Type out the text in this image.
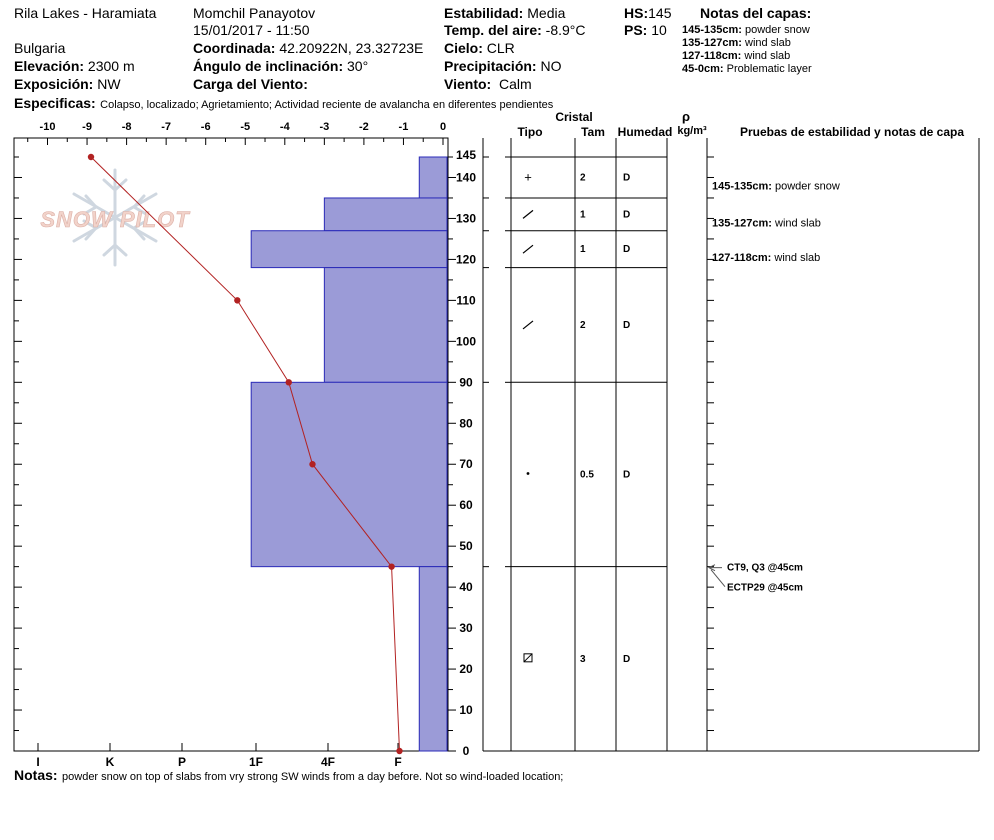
Rila Lakes - Haramiata
Bulgaria
Elevación: 2300 m
Exposición: NW
Momchil Panayotov
15/01/2017 - 11:50
Coordinada: 42.20922N, 23.32723E
Ángulo de inclinación: 30°
Carga del Viento:
Estabilidad: Media
Temp. del aire: -8.9°C
Cielo: CLR
Precipitación: NO
Viento: Calm
HS:145
PS: 10
Notas del capas:
145-135cm: powder snow
135-127cm: wind slab
127-118cm: wind slab
45-0cm: Problematic layer
Especificas: Colapso, localizado; Agrietamiento; Actividad reciente de avalancha en diferentes pendientes
Notas: powder snow on top of slabs from vry strong SW winds from a day before. Not so wind-loaded location;
SNOW PILOT
-10 -9	-8	-7	-6	-5	-4	-3	-2	-1	0
0
10
20
30
40
50
60
70
80
90
100
110
120
130
140
145
I	K	P	1F	4F	F
Cristal
Tipo	Tam Humedad
ρ
kg/m³	Pruebas de estabilidad y notas de capa
+	2	D
1	D
1	D
2	D
0.5	D
3	D
145-135cm: powder snow
135-127cm: wind slab
127-118cm: wind slab
CT9, Q3 @45cm
ECTP29 @45cm
